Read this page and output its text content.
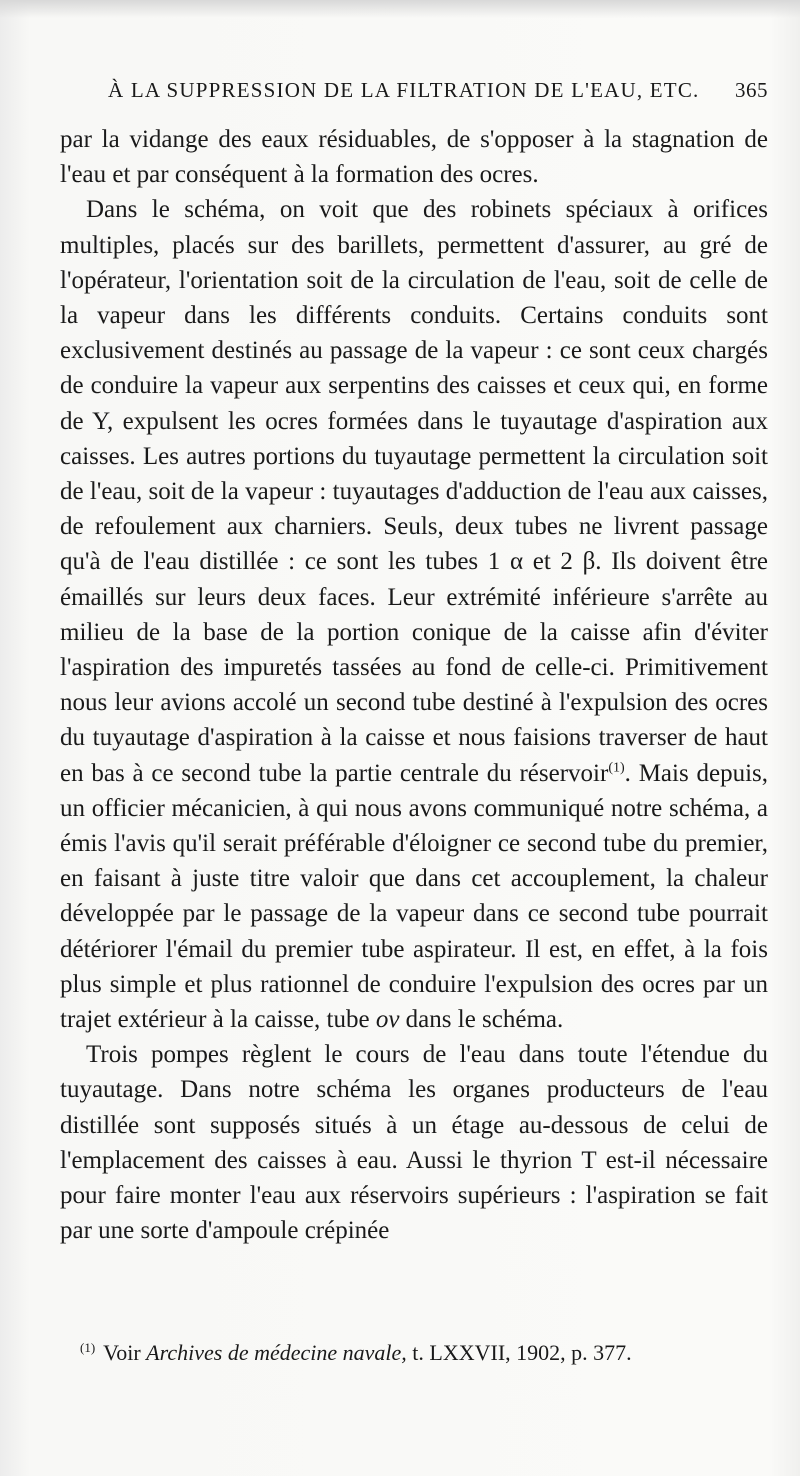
À LA SUPPRESSION DE LA FILTRATION DE L'EAU, ETC. 365

par la vidange des eaux résiduables, de s'opposer à la stagnation de l'eau et par conséquent à la formation des ocres.

Dans le schéma, on voit que des robinets spéciaux à orifices multiples, placés sur des barillets, permettent d'assurer, au gré de l'opérateur, l'orientation soit de la circulation de l'eau, soit de celle de la vapeur dans les différents conduits. Certains conduits sont exclusivement destinés au passage de la vapeur : ce sont ceux chargés de conduire la vapeur aux serpentins des caisses et ceux qui, en forme de Y, expulsent les ocres formées dans le tuyautage d'aspiration aux caisses. Les autres portions du tuyautage permettent la circulation soit de l'eau, soit de la vapeur : tuyautages d'adduction de l'eau aux caisses, de refoulement aux charniers. Seuls, deux tubes ne livrent passage qu'à de l'eau distillée : ce sont les tubes 1 α et 2 β. Ils doivent être émaillés sur leurs deux faces. Leur extrémité inférieure s'arrête au milieu de la base de la portion conique de la caisse afin d'éviter l'aspiration des impuretés tassées au fond de celle-ci. Primitivement nous leur avions accolé un second tube destiné à l'expulsion des ocres du tuyautage d'aspiration à la caisse et nous faisions traverser de haut en bas à ce second tube la partie centrale du réservoir$^{(1)}$. Mais depuis, un officier mécanicien, à qui nous avons communiqué notre schéma, a émis l'avis qu'il serait préférable d'éloigner ce second tube du premier, en faisant à juste titre valoir que dans cet accouplement, la chaleur développée par le passage de la vapeur dans ce second tube pourrait détériorer l'émail du premier tube aspirateur. Il est, en effet, à la fois plus simple et plus rationnel de conduire l'expulsion des ocres par un trajet extérieur à la caisse, tube ov dans le schéma.

Trois pompes règlent le cours de l'eau dans toute l'étendue du tuyautage. Dans notre schéma les organes producteurs de l'eau distillée sont supposés situés à un étage au-dessous de celui de l'emplacement des caisses à eau. Aussi le thyrion T est-il nécessaire pour faire monter l'eau aux réservoirs supérieurs : l'aspiration se fait par une sorte d'ampoule crépinée

$^{(1)}$ Voir Archives de médecine navale, t. LXXVII, 1902, p. 377.
